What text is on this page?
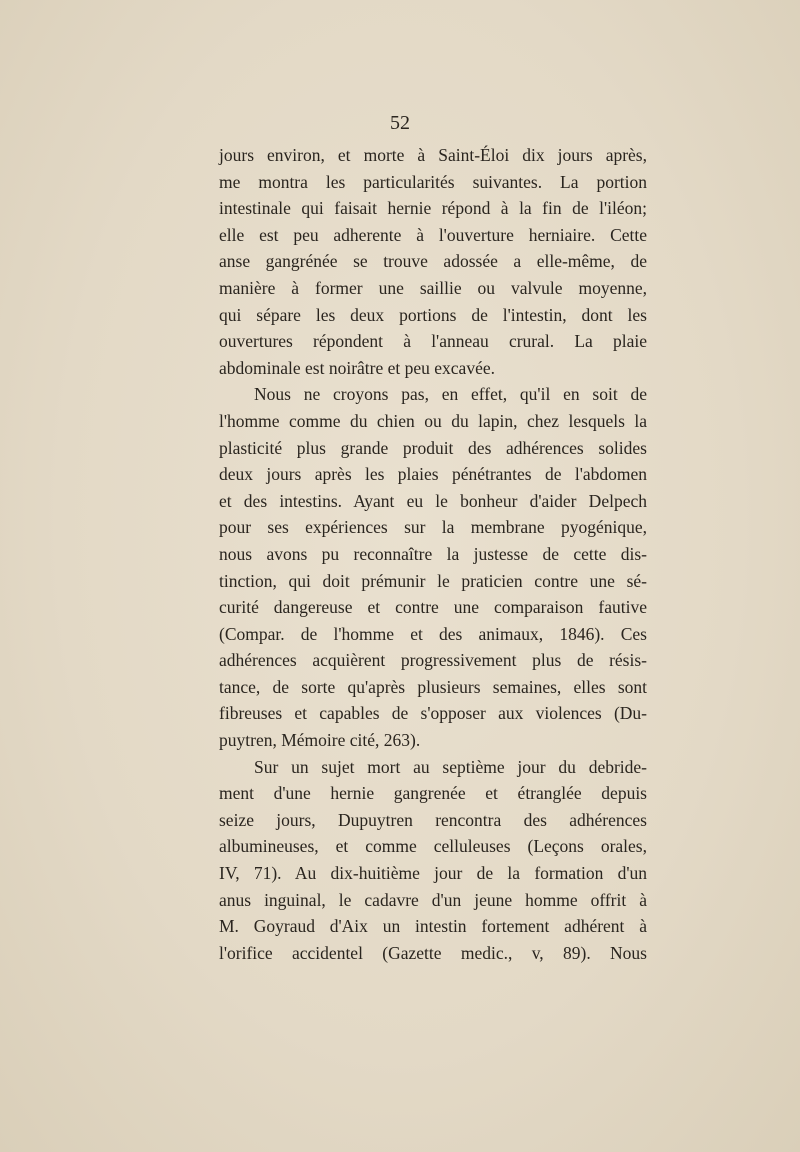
52
jours environ, et morte à Saint-Éloi dix jours après,
me montra les particularités suivantes. La portion
intestinale qui faisait hernie répond à la fin de l'iléon;
elle est peu adherente à l'ouverture herniaire. Cette
anse gangrénée se trouve adossée a elle-même, de
manière à former une saillie ou valvule moyenne,
qui sépare les deux portions de l'intestin, dont les
ouvertures répondent à l'anneau crural. La plaie
abdominale est noirâtre et peu excavée.
Nous ne croyons pas, en effet, qu'il en soit de
l'homme comme du chien ou du lapin, chez lesquels la
plasticité plus grande produit des adhérences solides
deux jours après les plaies pénétrantes de l'abdomen
et des intestins. Ayant eu le bonheur d'aider Delpech
pour ses expériences sur la membrane pyogénique,
nous avons pu reconnaître la justesse de cette dis-
tinction, qui doit prémunir le praticien contre une sé-
curité dangereuse et contre une comparaison fautive
(Compar. de l'homme et des animaux, 1846). Ces
adhérences acquièrent progressivement plus de résis-
tance, de sorte qu'après plusieurs semaines, elles sont
fibreuses et capables de s'opposer aux violences (Du-
puytren, Mémoire cité, 263).
Sur un sujet mort au septième jour du debride-
ment d'une hernie gangrenée et étranglée depuis
seize jours, Dupuytren rencontra des adhérences
albumineuses, et comme celluleuses (Leçons orales,
IV, 71). Au dix-huitième jour de la formation d'un
anus inguinal, le cadavre d'un jeune homme offrit à
M. Goyraud d'Aix un intestin fortement adhérent à
l'orifice accidentel (Gazette medic., v, 89). Nous
